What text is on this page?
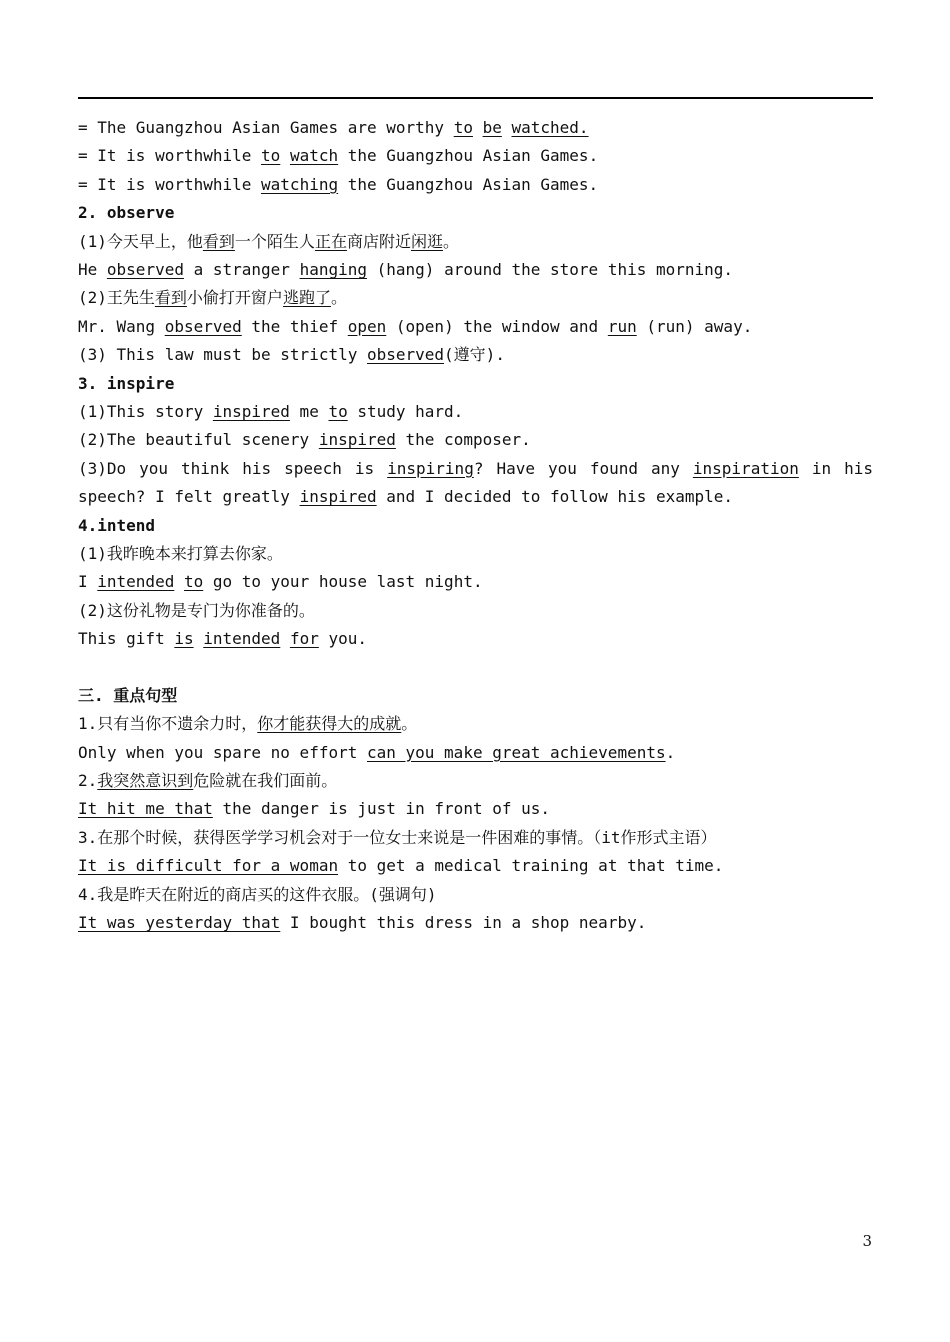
= The Guangzhou Asian Games are worthy to be watched.
= It is worthwhile to watch the Guangzhou Asian Games.
= It is worthwhile watching the Guangzhou Asian Games.
2. observe
(1)今天早上，他看到一个陌生人正在商店附近闲逛。
He observed a stranger hanging (hang) around the store this morning.
(2)王先生看到小偷打开窗户逃跑了。
Mr. Wang observed the thief open (open) the window and run (run) away.
(3) This law must be strictly observed(遵守).
3. inspire
(1)This story inspired me to study hard.
(2)The beautiful scenery inspired the composer.
(3)Do you think his speech is inspiring? Have you found any inspiration in his speech? I felt greatly inspired and I decided to follow his example.
4.intend
(1)我昨晚本来打算去你家。
I intended to go to your house last night.
(2)这份礼物是专门为你准备的。
This gift is intended for you.
三. 重点句型
1.只有当你不遗余力时，你才能获得大的成就。
Only when you spare no effort can you make great achievements.
2.我突然意识到危险就在我们面前。
It hit me that the danger is just in front of us.
3.在那个时候，获得医学学习机会对于一位女士来说是一件困难的事情。（it作形式主语）
It is difficult for a woman to get a medical training at that time.
4.我是昨天在附近的商店买的这件衣服。(强调句)
It was yesterday that I bought this dress in a shop nearby.
3
